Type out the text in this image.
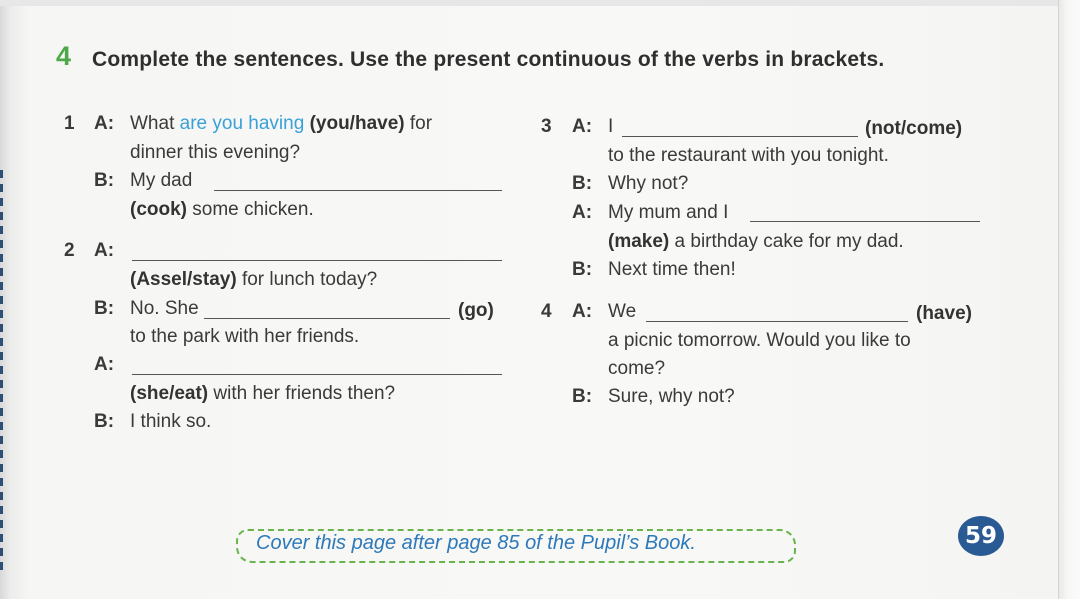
4 Complete the sentences. Use the present continuous of the verbs in brackets.
1 A: What are you having (you/have) for
dinner this evening?
B: My dad
(cook) some chicken.
2 A:
(Assel/stay) for lunch today?
B: No. She	(go)
to the park with her friends.
A:
(she/eat) with her friends then?
B: I think so.
3 A: I	(not/come)
to the restaurant with you tonight.
B: Why not?
A: My mum and I
(make) a birthday cake for my dad.
B: Next time then!
4 A: We	(have)
a picnic tomorrow. Would you like to
come?
B: Sure, why not?
Cover this page after page 85 of the Pupil’s Book.	59
